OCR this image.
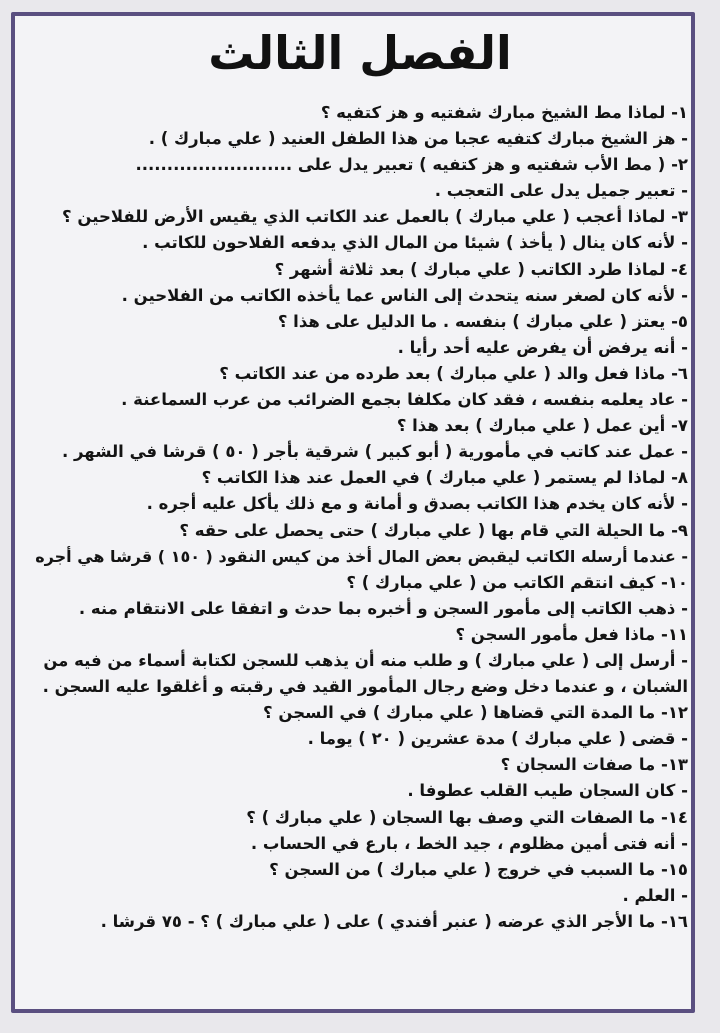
الفصل الثالث
١- لماذا مط الشيخ مبارك شفتيه و هز كتفيه ؟
- هز الشيخ مبارك كتفيه عجبا من هذا الطفل العنيد ( علي مبارك ) .
٢- ( مط الأب شفتيه و هز كتفيه ) تعبير يدل على .........................
- تعبير جميل يدل على التعجب .
٣- لماذا أعجب ( علي مبارك ) بالعمل عند الكاتب الذي يقيس الأرض للفلاحين ؟
- لأنه كان ينال ( يأخذ ) شيئا من المال الذي يدفعه الفلاحون للكاتب .
٤- لماذا طرد الكاتب ( علي مبارك ) بعد ثلاثة أشهر ؟
- لأنه كان لصغر سنه يتحدث إلى الناس عما يأخذه الكاتب من الفلاحين .
٥- يعتز ( علي مبارك ) بنفسه . ما الدليل على هذا ؟
- أنه يرفض أن يفرض عليه أحد رأيا .
٦- ماذا فعل والد ( علي مبارك ) بعد طرده من عند الكاتب ؟
- عاد يعلمه بنفسه ، فقد كان مكلفا بجمع الضرائب من عرب السماعنة .
٧- أين عمل ( علي مبارك ) بعد هذا ؟
- عمل عند كاتب في مأمورية ( أبو كبير ) شرقية بأجر ( ٥٠ ) قرشا في الشهر .
٨- لماذا لم يستمر ( علي مبارك ) في العمل عند هذا الكاتب ؟
- لأنه كان يخدم هذا الكاتب بصدق و أمانة و مع ذلك يأكل عليه أجره .
٩- ما الحيلة التي قام بها ( علي مبارك ) حتى يحصل على حقه ؟
- عندما أرسله الكاتب ليقبض بعض المال أخذ من كيس النقود ( ١٥٠ ) قرشا هي أجره
١٠- كيف انتقم الكاتب من ( علي مبارك ) ؟
- ذهب الكاتب إلى مأمور السجن و أخبره بما حدث و اتفقا على الانتقام منه .
١١- ماذا فعل مأمور السجن ؟
- أرسل إلى ( علي مبارك ) و طلب منه أن يذهب للسجن لكتابة أسماء من فيه من
الشبان ، و عندما دخل وضع رجال المأمور القيد في رقبته و أغلقوا عليه السجن .
١٢- ما المدة التي قضاها ( علي مبارك ) في السجن ؟
- قضى ( علي مبارك ) مدة عشرين ( ٢٠ ) يوما .
١٣- ما صفات السجان ؟
- كان السجان طيب القلب عطوفا .
١٤- ما الصفات التي وصف بها السجان ( علي مبارك ) ؟
- أنه فتى أمين مظلوم ، جيد الخط ، بارع في الحساب .
١٥- ما السبب في خروج ( علي مبارك ) من السجن ؟
- العلم .
١٦- ما الأجر الذي عرضه ( عنبر أفندي ) على ( علي مبارك ) ؟ - ٧٥ قرشا .
